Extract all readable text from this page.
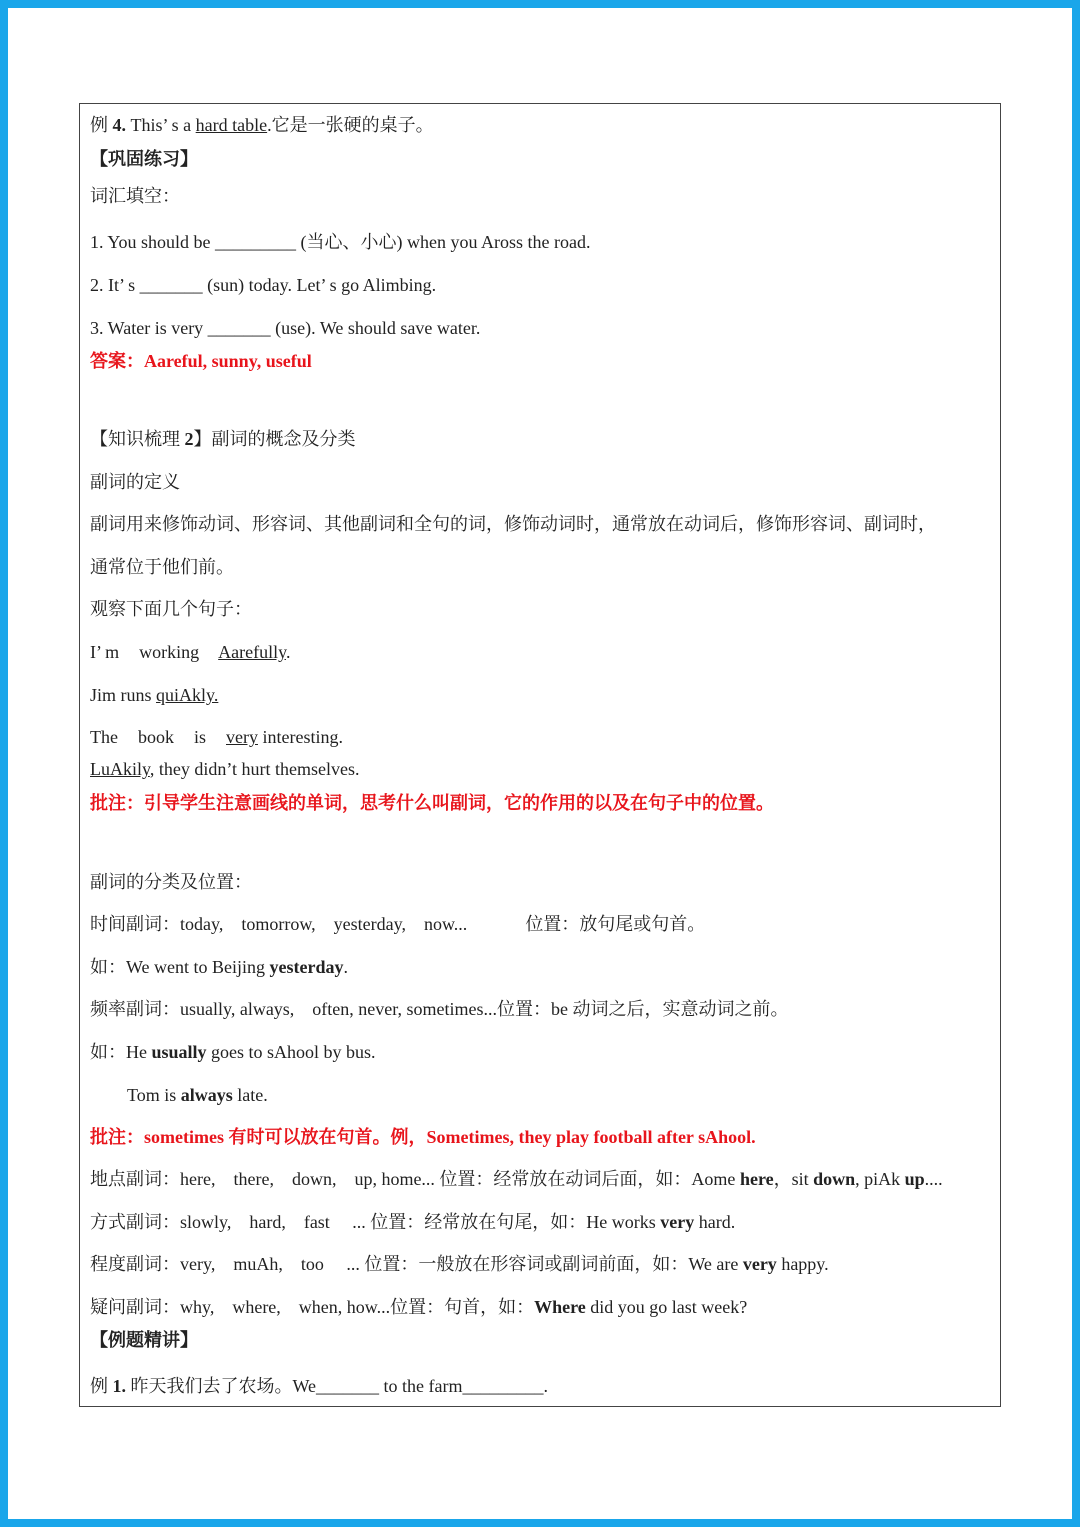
例 4. This’ s a hard table.它是一张硬的桌子。
【巩固练习】
词汇填空：
1. You should be _________ (当心、小心) when you Aross the road.
2. It’ s _______ (sun) today. Let’ s go Alimbing.
3. Water is very _______ (use). We should save water.
答案：Aareful, sunny, useful
【知识梳理 2】副词的概念及分类
副词的定义
副词用来修饰动词、形容词、其他副词和全句的词，修饰动词时，通常放在动词后，修饰形容词、副词时，
通常位于他们前。
观察下面几个句子：
I’ m working Aarefully.
Jim runs quiAkly.
The book is very interesting.
LuAkily, they didn’t hurt themselves.
批注：引导学生注意画线的单词，思考什么叫副词，它的作用的以及在句子中的位置。
副词的分类及位置：
时间副词：today, tomorrow, yesterday, now...	位置：放句尾或句首。
如：We went to Beijing yesterday.
频率副词：usually, always,　often, never, sometimes...位置：be 动词之后，实意动词之前。
如：He usually goes to sAhool by bus.
Tom is always late.
批注：sometimes 有时可以放在句首。例，Sometimes, they play football after sAhool.
地点副词：here,　there,　down,　up, home... 位置：经常放在动词后面，如：Aome here，sit down, piAk up....
方式副词：slowly,　hard,　fast　 ... 位置：经常放在句尾，如：He works very hard.
程度副词：very,　muAh,　too　 ... 位置：一般放在形容词或副词前面，如：We are very happy.
疑问副词：why,　where,　when, how...位置：句首，如：Where did you go last week?
【例题精讲】
例 1. 昨天我们去了农场。We_______ to the farm_________.
